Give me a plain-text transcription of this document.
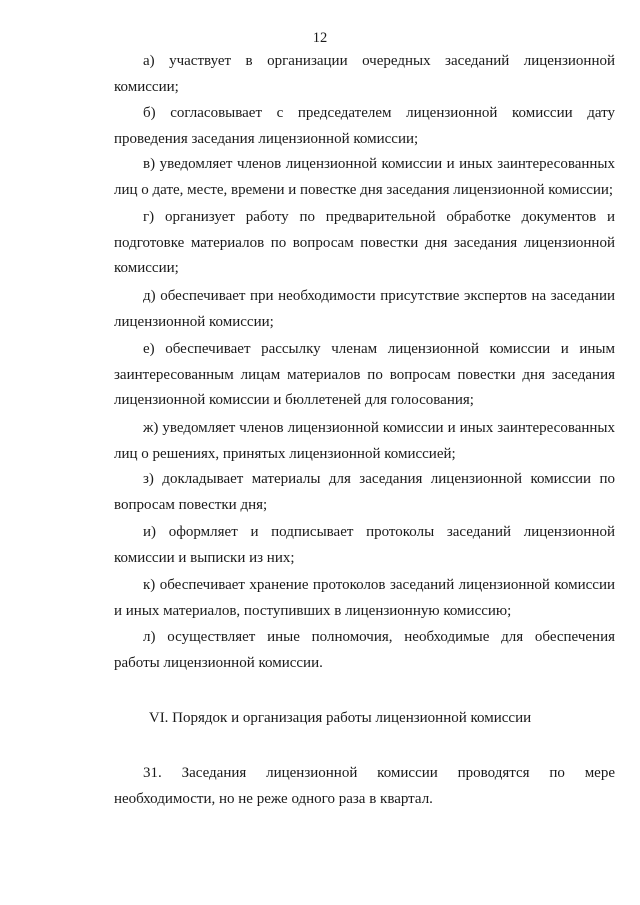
12

а) участвует в организации очередных заседаний лицензионной комиссии;

б) согласовывает с председателем лицензионной комиссии дату проведения заседания лицензионной комиссии;

в) уведомляет членов лицензионной комиссии и иных заинтересованных лиц о дате, месте, времени и повестке дня заседания лицензионной комиссии;

г) организует работу по предварительной обработке документов и подготовке материалов по вопросам повестки дня заседания лицензионной комиссии;

д) обеспечивает при необходимости присутствие экспертов на заседании лицензионной комиссии;

е) обеспечивает рассылку членам лицензионной комиссии и иным заинтересованным лицам материалов по вопросам повестки дня заседания лицензионной комиссии и бюллетеней для голосования;

ж) уведомляет членов лицензионной комиссии и иных заинтересованных лиц о решениях, принятых лицензионной комиссией;

з) докладывает материалы для заседания лицензионной комиссии по вопросам повестки дня;

и) оформляет и подписывает протоколы заседаний лицензионной комиссии и выписки из них;

к) обеспечивает хранение протоколов заседаний лицензионной комиссии и иных материалов, поступивших в лицензионную комиссию;

л) осуществляет иные полномочия, необходимые для обеспечения работы лицензионной комиссии.

VI. Порядок и организация работы лицензионной комиссии
31. Заседания лицензионной комиссии проводятся по мере
необходимости, но не реже одного раза в квартал.
